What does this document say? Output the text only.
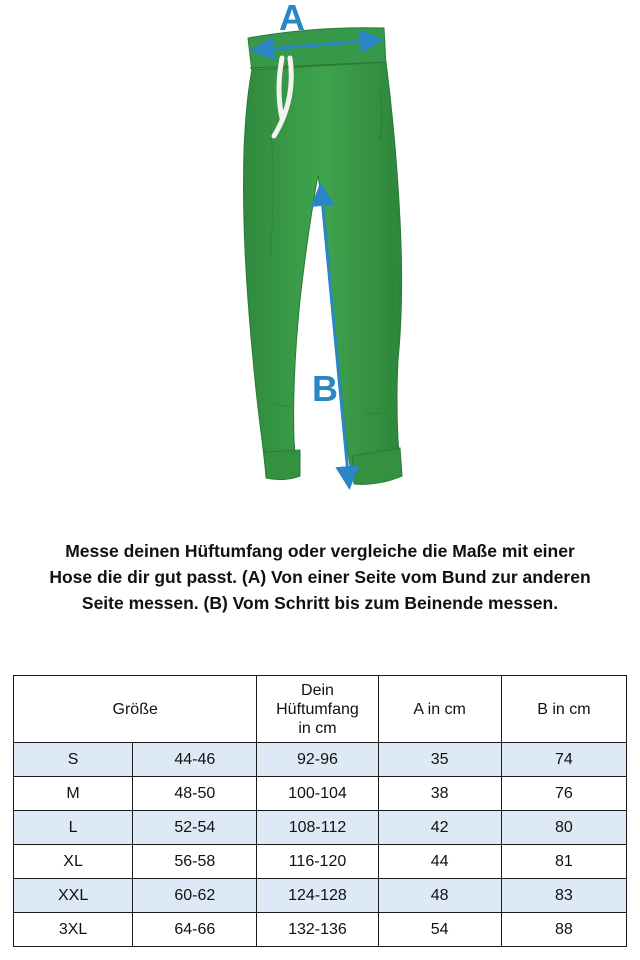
A
B
Messe deinen Hüftumfang oder vergleiche die Maße mit einer
Hose die dir gut passt. (A) Von einer Seite vom Bund zur anderen
Seite messen. (B) Vom Schritt bis zum Beinende messen.
Größe		Dein
Hüftumfang
in cm	A in cm	B in cm
S	44-46	92-96	35	74
M	48-50	100-104	38	76
L	52-54	108-112	42	80
XL	56-58	116-120	44	81
XXL	60-62	124-128	48	83
3XL	64-66	132-136	54	88
